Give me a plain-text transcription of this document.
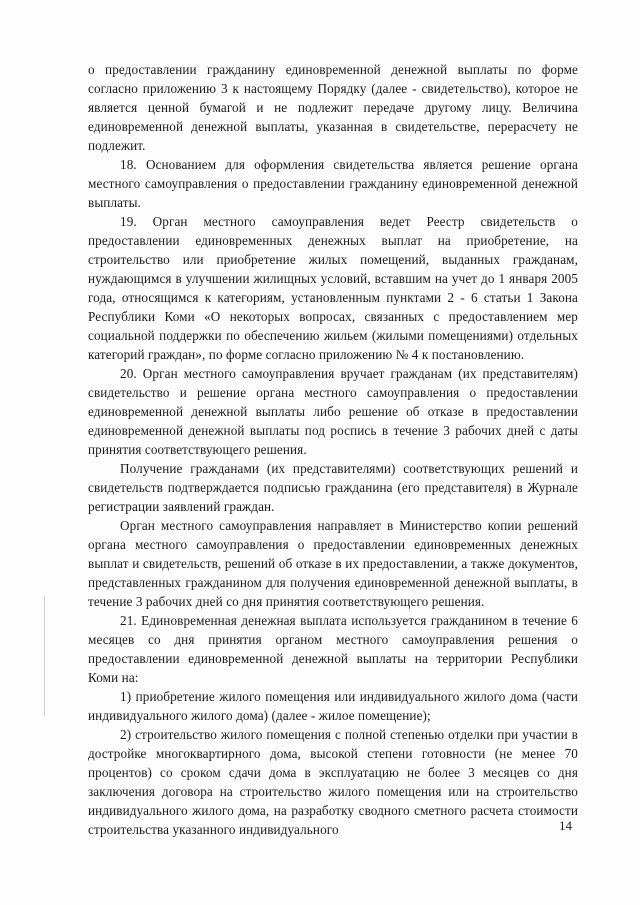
о предоставлении гражданину единовременной денежной выплаты по форме согласно приложению 3 к настоящему Порядку (далее - свидетельство), которое не является ценной бумагой и не подлежит передаче другому лицу. Величина единовременной денежной выплаты, указанная в свидетельстве, перерасчету не подлежит.

18. Основанием для оформления свидетельства является решение органа местного самоуправления о предоставлении гражданину единовременной денежной выплаты.

19. Орган местного самоуправления ведет Реестр свидетельств о предоставлении единовременных денежных выплат на приобретение, на строительство или приобретение жилых помещений, выданных гражданам, нуждающимся в улучшении жилищных условий, вставшим на учет до 1 января 2005 года, относящимся к категориям, установленным пунктами 2 - 6 статьи 1 Закона Республики Коми «О некоторых вопросах, связанных с предоставлением мер социальной поддержки по обеспечению жильем (жилыми помещениями) отдельных категорий граждан», по форме согласно приложению № 4 к постановлению.

20. Орган местного самоуправления вручает гражданам (их представителям) свидетельство и решение органа местного самоуправления о предоставлении единовременной денежной выплаты либо решение об отказе в предоставлении единовременной денежной выплаты под роспись в течение 3 рабочих дней с даты принятия соответствующего решения.

Получение гражданами (их представителями) соответствующих решений и свидетельств подтверждается подписью гражданина (его представителя) в Журнале регистрации заявлений граждан.

Орган местного самоуправления направляет в Министерство копии решений органа местного самоуправления о предоставлении единовременных денежных выплат и свидетельств, решений об отказе в их предоставлении, а также документов, представленных гражданином для получения единовременной денежной выплаты, в течение 3 рабочих дней со дня принятия соответствующего решения.

21. Единовременная денежная выплата используется гражданином в течение 6 месяцев со дня принятия органом местного самоуправления решения о предоставлении единовременной денежной выплаты на территории Республики Коми на:

1) приобретение жилого помещения или индивидуального жилого дома (части индивидуального жилого дома) (далее - жилое помещение);

2) строительство жилого помещения с полной степенью отделки при участии в достройке многоквартирного дома, высокой степени готовности (не менее 70 процентов) со сроком сдачи дома в эксплуатацию не более 3 месяцев со дня заключения договора на строительство жилого помещения или на строительство индивидуального жилого дома, на разработку сводного сметного расчета стоимости строительства указанного индивидуального	14
